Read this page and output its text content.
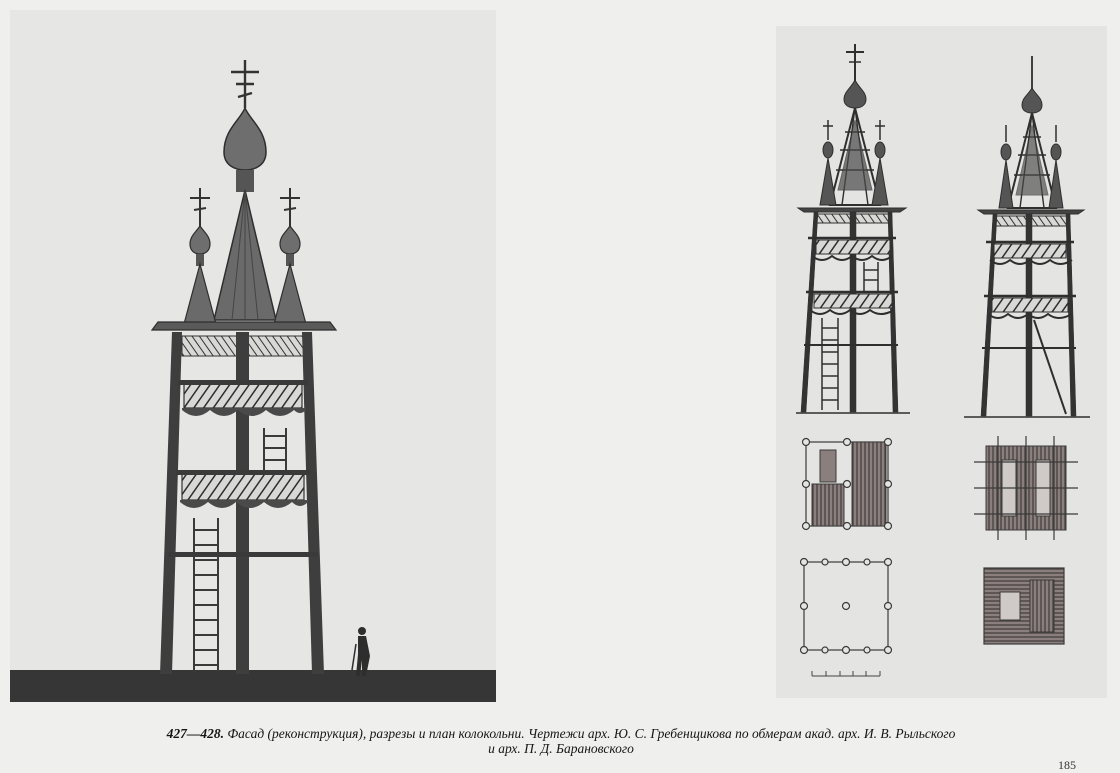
427—428. Фасад (реконструкция), разрезы и план колокольни. Чертежи арх. Ю. С. Гребенщикова по обмерам акад. арх. И. В. Рыльского
и арх. П. Д. Барановского
185
